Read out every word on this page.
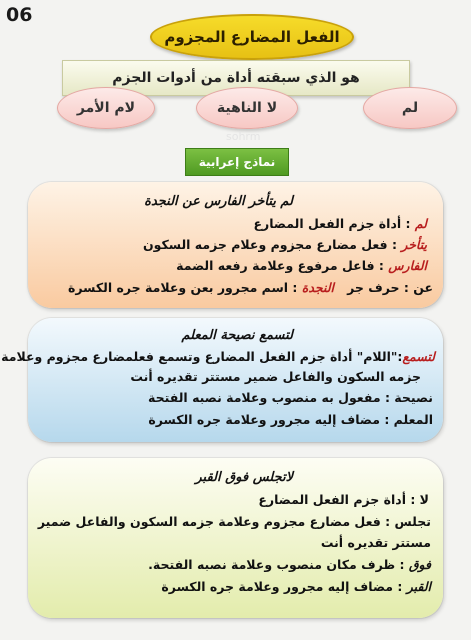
06
الفعل المضارع المجزوم
هو الذي سبقته أداة من أدوات الجزم
لم
لا الناهية
لام الأمر
sohrm
نماذج إعرابية
لم يتأخر الفارس عن النجدة
لم : أداة جزم الفعل المضارع
يتأخر : فعل مضارع مجزوم وعلام جزمه السكون
الفارس : فاعل مرفوع وعلامة رفعه الضمة
عن : حرف جر   النجدة : اسم مجرور بعن وعلامة جره الكسرة
لتسمع نصيحة المعلم
لتسمع:"اللام" أداة جزم الفعل المضارع وتسمع فعلمضارع مجزوم وعلامة
جزمه السكون والفاعل ضمير مستتر تقديره أنت
نصيحة : مفعول به منصوب وعلامة نصبه الفتحة
المعلم : مضاف إليه مجرور وعلامة جره الكسرة
لاتجلس فوق القبر
لا : أداة جزم الفعل المضارع
تجلس : فعل مضارع مجزوم وعلامة جزمه السكون والفاعل ضمير
مستتر تقديره أنت
فوق : ظرف مكان منصوب وعلامة نصبه الفتحة.
القبر : مضاف إليه مجرور وعلامة جره الكسرة
